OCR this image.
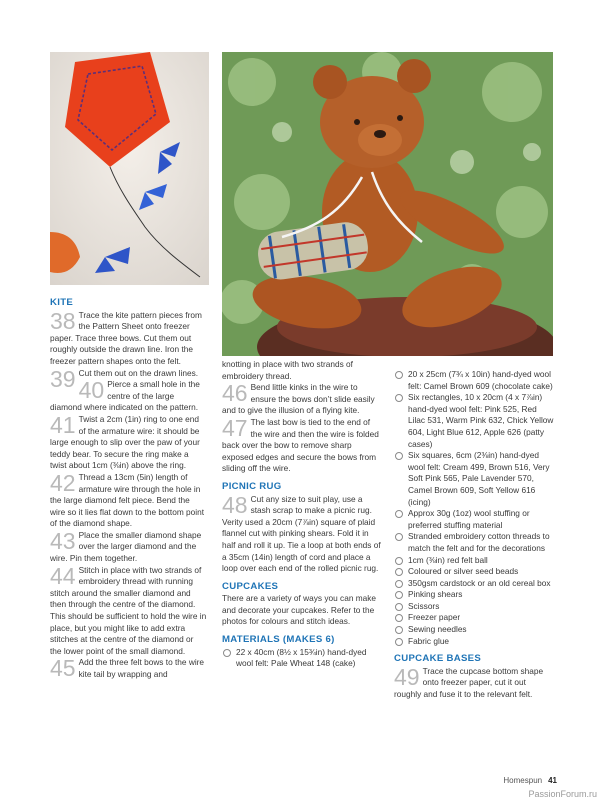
KITE
38 Trace the kite pattern pieces from the Pattern Sheet onto freezer paper. Trace three bows. Cut them out roughly outside the drawn line. Iron the freezer pattern shapes onto the felt.
39 Cut them out on the drawn lines.
40 Pierce a small hole in the centre of the large diamond where indicated on the pattern.
41 Twist a 2cm (1in) ring to one end of the armature wire: it should be large enough to slip over the paw of your teddy bear. To secure the ring make a twist about 1cm (⅜in) above the ring.
42 Thread a 13cm (5in) length of armature wire through the hole in the large diamond felt piece. Bend the wire so it lies flat down to the bottom point of the diamond shape.
43 Place the smaller diamond shape over the larger diamond and the wire. Pin them together.
44 Stitch in place with two strands of embroidery thread with running stitch around the smaller diamond and then through the centre of the diamond. This should be sufficient to hold the wire in place, but you might like to add extra stitches at the centre of the diamond or the lower point of the small diamond.
45 Add the three felt bows to the wire kite tail by wrapping and

knotting in place with two strands of embroidery thread.

46 Bend little kinks in the wire to ensure the bows don’t slide easily and to give the illusion of a flying kite.
47 The last bow is tied to the end of the wire and then the wire is folded back over the bow to remove sharp exposed edges and secure the bows from sliding off the wire.
PICNIC RUG
48 Cut any size to suit play, use a stash scrap to make a picnic rug. Verity used a 20cm (7⅞in) square of plaid flannel cut with pinking shears. Fold it in half and roll it up. Tie a loop at both ends of a 35cm (14in) length of cord and place a loop over each end of the rolled picnic rug.
CUPCAKES

There are a variety of ways you can make and decorate your cupcakes. Refer to the photos for colours and stitch ideas.

MATERIALS (MAKES 6)

22 x 40cm (8½ x 15¾in) hand-dyed wool felt: Pale Wheat 148 (cake)

20 x 25cm (7¾ x 10in) hand-dyed wool felt: Camel Brown 609 (chocolate cake)

Six rectangles, 10 x 20cm (4 x 7⅞in) hand-dyed wool felt: Pink 525, Red Lilac 531, Warm Pink 632, Chick Yellow 604, Light Blue 612, Apple 626 (patty cases)

Six squares, 6cm (2⅜in) hand-dyed wool felt: Cream 499, Brown 516, Very Soft Pink 565, Pale Lavender 570, Camel Brown 609, Soft Yellow 616 (icing)

Approx 30g (1oz) wool stuffing or preferred stuffing material

Stranded embroidery cotton threads to match the felt and for the decorations

1cm (⅜in) red felt ball

Coloured or silver seed beads

350gsm cardstock or an old cereal box

Pinking shears

Scissors

Freezer paper

Sewing needles

Fabric glue

CUPCAKE BASES
49 Trace the cupcase bottom shape onto freezer paper, cut it out roughly and fuse it to the relevant felt.
Homespun 41
PassionForum.ru
